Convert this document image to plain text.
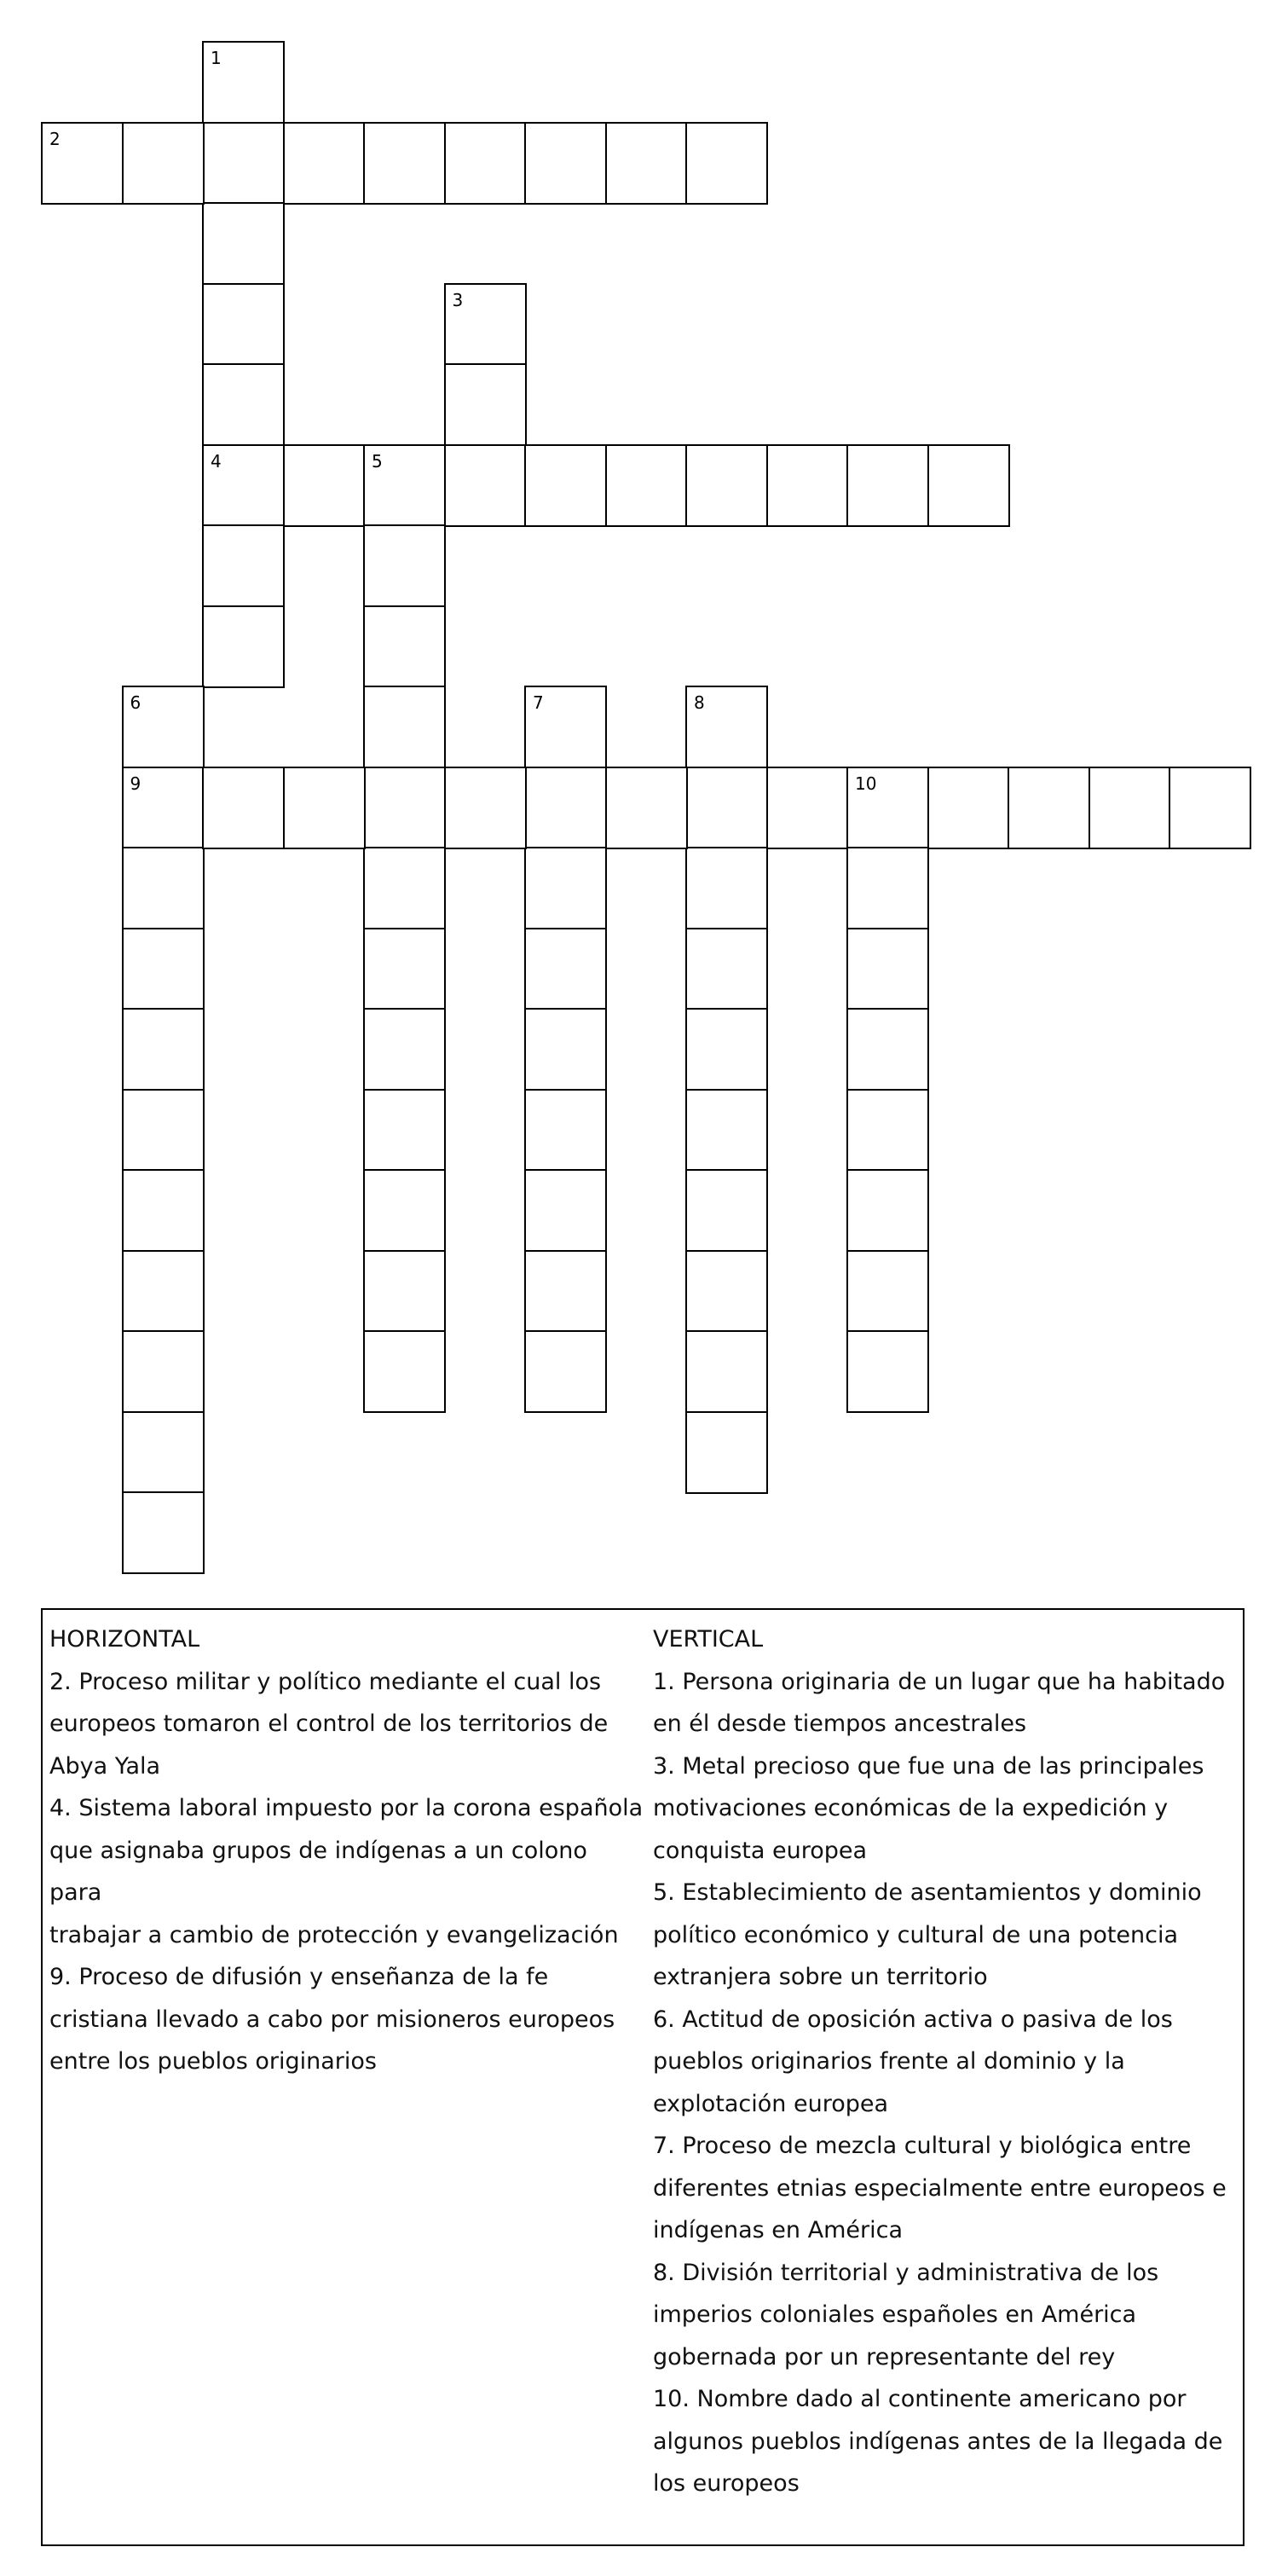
1
4
2
3
5
6
9
7	8
10
HORIZONTAL
2. Proceso militar y político mediante el cual los
europeos tomaron el control de los territorios de
Abya Yala
4. Sistema laboral impuesto por la corona española
que asignaba grupos de indígenas a un colono para
trabajar a cambio de protección y evangelización
9. Proceso de difusión y enseñanza de la fe
cristiana llevado a cabo por misioneros europeos
entre los pueblos originarios
VERTICAL
1. Persona originaria de un lugar que ha habitado
en él desde tiempos ancestrales
3. Metal precioso que fue una de las principales
motivaciones económicas de la expedición y
conquista europea
5. Establecimiento de asentamientos y dominio
político económico y cultural de una potencia
extranjera sobre un territorio
6. Actitud de oposición activa o pasiva de los
pueblos originarios frente al dominio y la
explotación europea
7. Proceso de mezcla cultural y biológica entre
diferentes etnias especialmente entre europeos e
indígenas en América
8. División territorial y administrativa de los
imperios coloniales españoles en América
gobernada por un representante del rey
10. Nombre dado al continente americano por
algunos pueblos indígenas antes de la llegada de
los europeos
